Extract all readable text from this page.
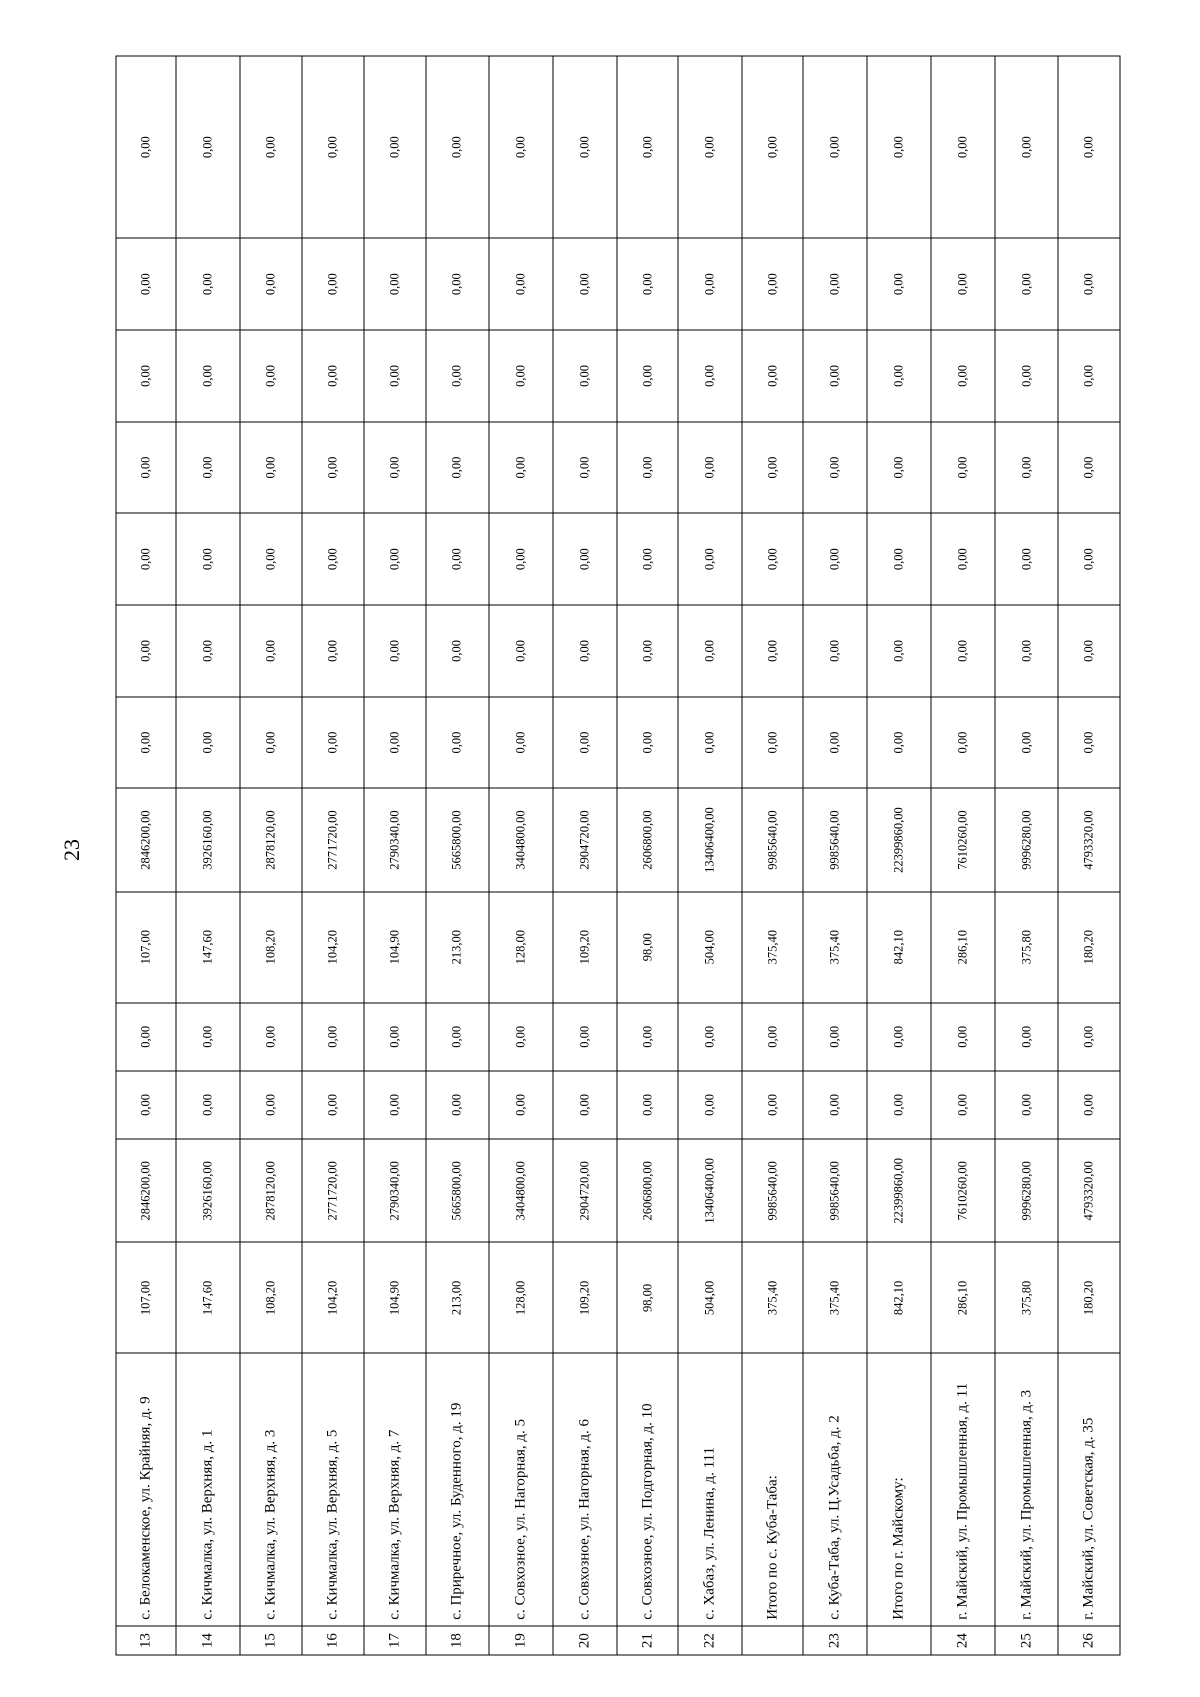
23
13	с. Белокаменское, ул. Крайняя, д. 9	107,00	2846200,00	0,00	0,00	107,00	2846200,00	0,00	0,00	0,00	0,00	0,00	0,00	0,00
14	с. Кичмалка, ул. Верхняя, д. 1	147,60	3926160,00	0,00	0,00	147,60	3926160,00	0,00	0,00	0,00	0,00	0,00	0,00	0,00
15	с. Кичмалка, ул. Верхняя, д. 3	108,20	2878120,00	0,00	0,00	108,20	2878120,00	0,00	0,00	0,00	0,00	0,00	0,00	0,00
16	с. Кичмалка, ул. Верхняя, д. 5	104,20	2771720,00	0,00	0,00	104,20	2771720,00	0,00	0,00	0,00	0,00	0,00	0,00	0,00
17	с. Кичмалка, ул. Верхняя, д. 7	104,90	2790340,00	0,00	0,00	104,90	2790340,00	0,00	0,00	0,00	0,00	0,00	0,00	0,00
18	с. Приречное, ул. Буденного, д. 19	213,00	5665800,00	0,00	0,00	213,00	5665800,00	0,00	0,00	0,00	0,00	0,00	0,00	0,00
19	с. Совхозное, ул. Нагорная, д. 5	128,00	3404800,00	0,00	0,00	128,00	3404800,00	0,00	0,00	0,00	0,00	0,00	0,00	0,00
20	с. Совхозное, ул. Нагорная, д. 6	109,20	2904720,00	0,00	0,00	109,20	2904720,00	0,00	0,00	0,00	0,00	0,00	0,00	0,00
21	с. Совхозное, ул. Подгорная, д. 10	98,00	2606800,00	0,00	0,00	98,00	2606800,00	0,00	0,00	0,00	0,00	0,00	0,00	0,00
22	с. Хабаз, ул. Ленина, д. 111	504,00	13406400,00	0,00	0,00	504,00	13406400,00	0,00	0,00	0,00	0,00	0,00	0,00	0,00
	Итого по с. Куба-Таба:	375,40	9985640,00	0,00	0,00	375,40	9985640,00	0,00	0,00	0,00	0,00	0,00	0,00	0,00
23	с. Куба-Таба, ул. Ц.Усадьба, д. 2	375,40	9985640,00	0,00	0,00	375,40	9985640,00	0,00	0,00	0,00	0,00	0,00	0,00	0,00
	Итого по г. Майскому:	842,10	22399860,00	0,00	0,00	842,10	22399860,00	0,00	0,00	0,00	0,00	0,00	0,00	0,00
24	г. Майский, ул. Промышленная, д. 11	286,10	7610260,00	0,00	0,00	286,10	7610260,00	0,00	0,00	0,00	0,00	0,00	0,00	0,00
25	г. Майский, ул. Промышленная, д. 3	375,80	9996280,00	0,00	0,00	375,80	9996280,00	0,00	0,00	0,00	0,00	0,00	0,00	0,00
26	г. Майский, ул. Советская, д. 35	180,20	4793320,00	0,00	0,00	180,20	4793320,00	0,00	0,00	0,00	0,00	0,00	0,00	0,00
